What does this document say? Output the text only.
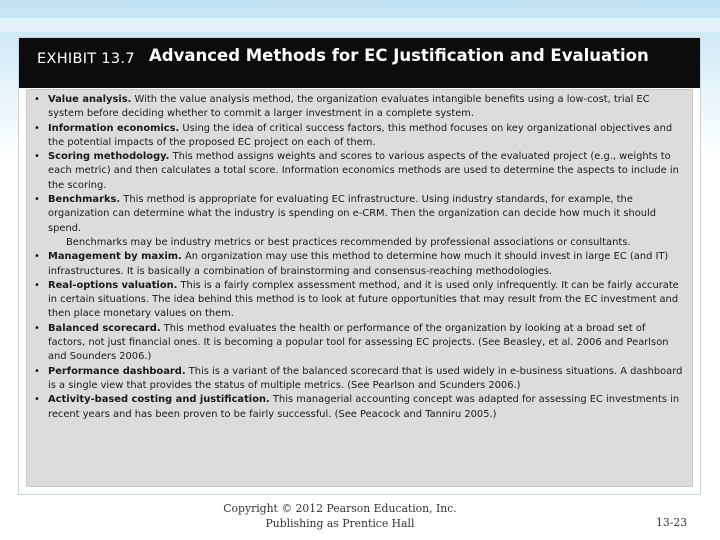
EXHIBIT 13.7 Advanced Methods for EC Justification and Evaluation
• Value analysis. With the value analysis method, the organization evaluates intangible benefits using a low-cost, trial EC system before deciding whether to commit a larger investment in a complete system.
• Information economics. Using the idea of critical success factors, this method focuses on key organizational objectives and the potential impacts of the proposed EC project on each of them.
• Scoring methodology. This method assigns weights and scores to various aspects of the evaluated project (e.g., weights to each metric) and then calculates a total score. Information economics methods are used to determine the aspects to include in the scoring.
• Benchmarks. This method is appropriate for evaluating EC infrastructure. Using industry standards, for example, the organization can determine what the industry is spending on e-CRM. Then the organization can decide how much it should spend.
Benchmarks may be industry metrics or best practices recommended by professional associations or consultants.
• Management by maxim. An organization may use this method to determine how much it should invest in large EC (and IT) infrastructures. It is basically a combination of brainstorming and consensus-reaching methodologies.
• Real-options valuation. This is a fairly complex assessment method, and it is used only infrequently. It can be fairly accurate in certain situations. The idea behind this method is to look at future opportunities that may result from the EC investment and then place monetary values on them.
• Balanced scorecard. This method evaluates the health or performance of the organization by looking at a broad set of factors, not just financial ones. It is becoming a popular tool for assessing EC projects. (See Beasley, et al. 2006 and Pearlson and Sounders 2006.)
• Performance dashboard. This is a variant of the balanced scorecard that is used widely in e-business situations. A dashboard is a single view that provides the status of multiple metrics. (See Pearlson and Scunders 2006.)
• Activity-based costing and justification. This managerial accounting concept was adapted for assessing EC investments in recent years and has been proven to be fairly successful. (See Peacock and Tanniru 2005.)
Copyright © 2012 Pearson Education, Inc.
Publishing as Prentice Hall	13-23
